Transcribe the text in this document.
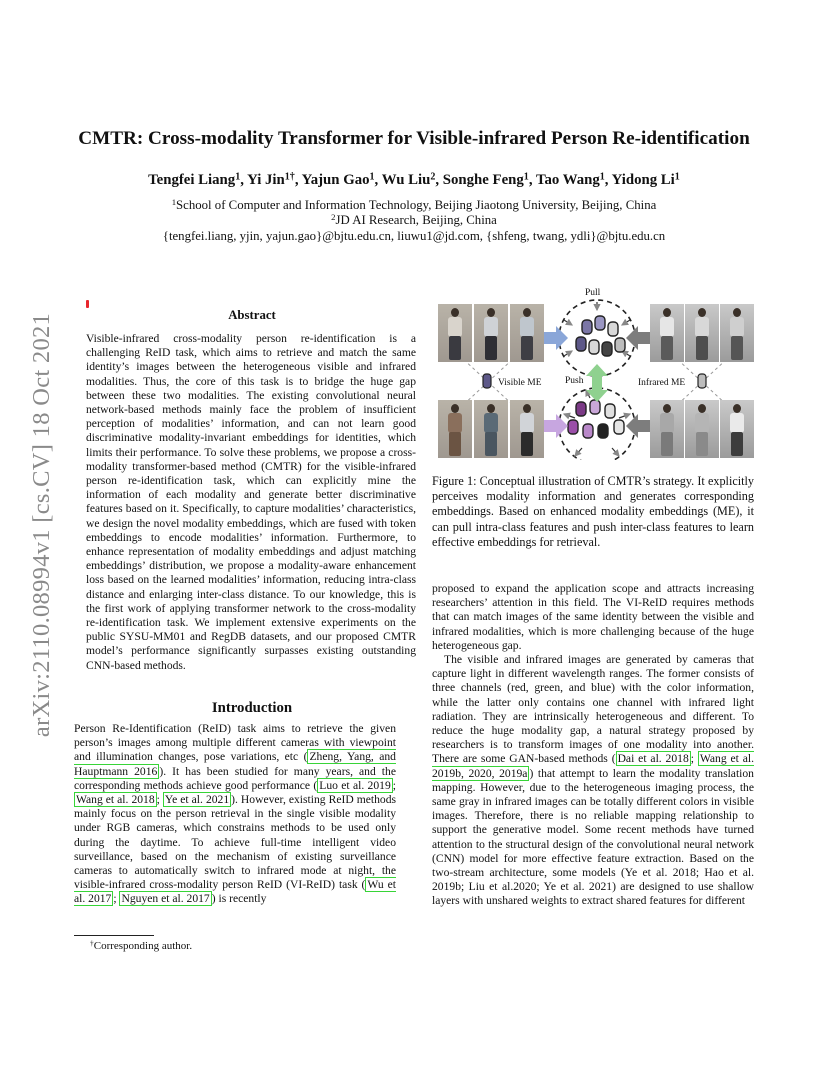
arXiv:2110.08994v1 [cs.CV] 18 Oct 2021
CMTR: Cross-modality Transformer for Visible-infrared Person Re-identification
Tengfei Liang$^1$, Yi Jin$^{1\dagger}$, Yajun Gao$^1$, Wu Liu$^2$, Songhe Feng$^1$, Tao Wang$^1$, Yidong Li$^1$
$^1$School of Computer and Information Technology, Beijing Jiaotong University, Beijing, China
$^2$JD AI Research, Beijing, China
{tengfei.liang, yjin, yajun.gao}@bjtu.edu.cn, liuwu1@jd.com, {shfeng, twang, ydli}@bjtu.edu.cn
Abstract

Visible-infrared cross-modality person re-identification is a challenging ReID task, which aims to retrieve and match the same identity’s images between the heterogeneous visible and infrared modalities. Thus, the core of this task is to bridge the huge gap between these two modalities. The existing convolutional neural network-based methods mainly face the problem of insufficient perception of modalities’ information, and can not learn good discriminative modality-invariant embeddings for identities, which limits their performance. To solve these problems, we propose a cross-modality transformer-based method (CMTR) for the visible-infrared person re-identification task, which can explicitly mine the information of each modality and generate better discriminative features based on it. Specifically, to capture modalities’ characteristics, we design the novel modality embeddings, which are fused with token embeddings to encode modalities’ information. Furthermore, to enhance representation of modality embeddings and adjust matching embeddings’ distribution, we propose a modality-aware enhancement loss based on the learned modalities’ information, reducing intra-class distance and enlarging inter-class distance. To our knowledge, this is the first work of applying transformer network to the cross-modality re-identification task. We implement extensive experiments on the public SYSU-MM01 and RegDB datasets, and our proposed CMTR model’s performance significantly surpasses existing outstanding CNN-based methods.

Introduction

Person Re-Identification (ReID) task aims to retrieve the given person’s images among multiple different cameras with viewpoint and illumination changes, pose variations, etc ( Zheng, Yang, and Hauptmann 2016 ). It has been studied for many years, and the corresponding methods achieve good performance ( Luo et al. 2019 ; Wang et al. 2018 ; Ye et al. 2021 ). However, existing ReID methods mainly focus on the person retrieval in the single visible modality under RGB cameras, which constrains methods to be used only during the daytime. To achieve full-time intelligent video surveillance, based on the mechanism of existing surveillance cameras to automatically switch to infrared mode at night, the visible-infrared cross-modality person ReID (VI-ReID) task ( Wu et al. 2017 ; Nguyen et al. 2017 ) is recently

†Corresponding author.
Pull
Push
Visible ME	Infrared ME
Figure 1: Conceptual illustration of CMTR’s strategy. It explicitly perceives modality information and generates corresponding embeddings. Based on enhanced modality embeddings (ME), it can pull intra-class features and push inter-class features to learn effective embeddings for retrieval.

proposed to expand the application scope and attracts increasing researchers’ attention in this field. The VI-ReID requires methods that can match images of the same identity between the visible and infrared modalities, which is more challenging because of the huge heterogeneous gap.

The visible and infrared images are generated by cameras that capture light in different wavelength ranges. The former consists of three channels (red, green, and blue) with the color information, while the latter only contains one channel with infrared light radiation. They are intrinsically heterogeneous and different. To reduce the huge modality gap, a natural strategy proposed by researchers is to transform images of one modality into another. There are some GAN-based methods ( Dai et al. 2018 ; Wang et al. 2019b, 2020, 2019a ) that attempt to learn the modality translation mapping. However, due to the heterogeneous imaging process, the same gray in infrared images can be totally different colors in visible images. Therefore, there is no reliable mapping relationship to support the generative model. Some recent methods have turned attention to the structural design of the convolutional neural network (CNN) model for more effective feature extraction. Based on the two-stream architecture, some models (Ye et al. 2018; Hao et al. 2019b; Liu et al.2020; Ye et al. 2021) are designed to use shallow layers with unshared weights to extract shared features for different
